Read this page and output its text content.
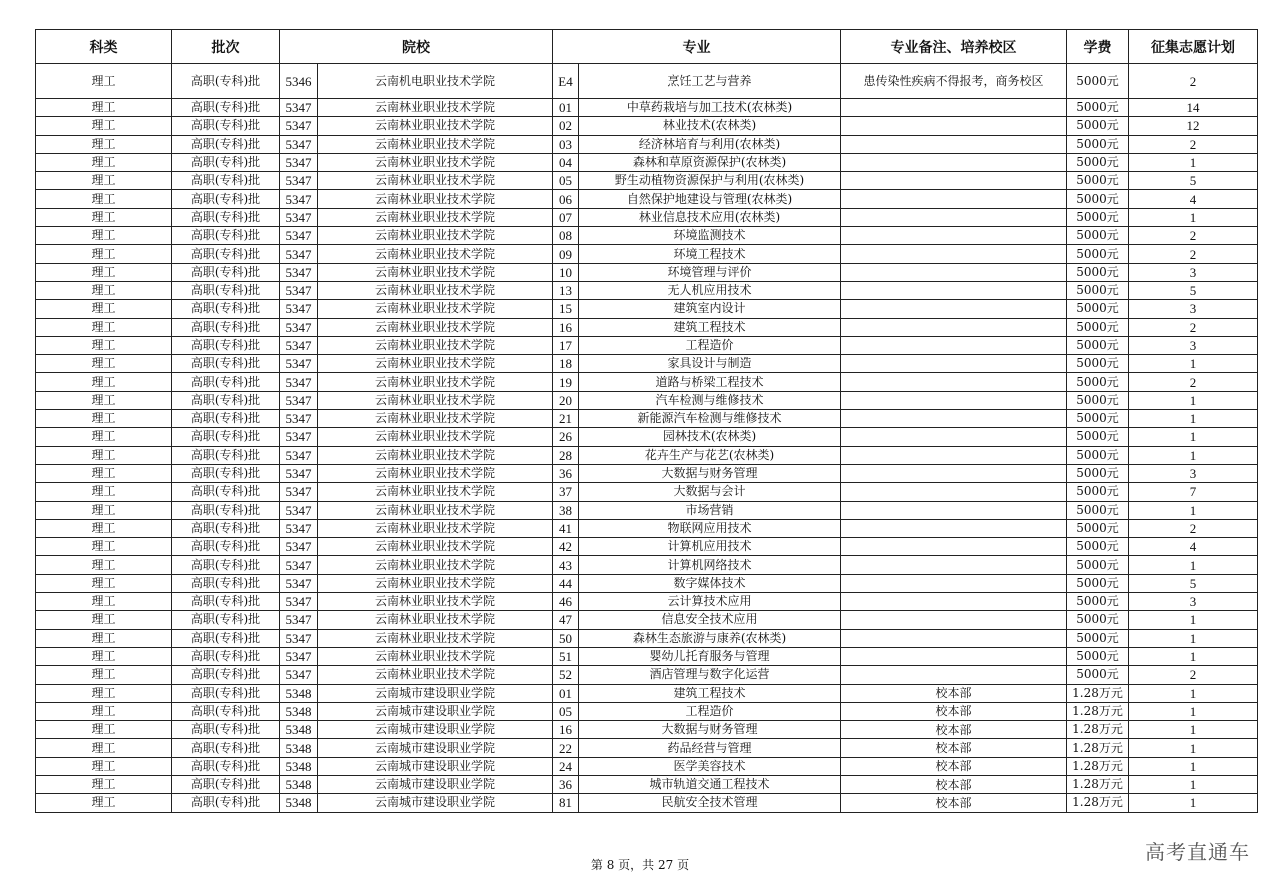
科类	批次	院校		专业		专业备注、培养校区	学费	征集志愿计划
理工	高职(专科)批	5346	云南机电职业技术学院	E4	烹饪工艺与营养	患传染性疾病不得报考，商务校区	5000元	2
理工	高职(专科)批	5347	云南林业职业技术学院	01	中草药栽培与加工技术(农林类)		5000元	14
理工	高职(专科)批	5347	云南林业职业技术学院	02	林业技术(农林类)		5000元	12
理工	高职(专科)批	5347	云南林业职业技术学院	03	经济林培育与利用(农林类)		5000元	2
理工	高职(专科)批	5347	云南林业职业技术学院	04	森林和草原资源保护(农林类)		5000元	1
理工	高职(专科)批	5347	云南林业职业技术学院	05	野生动植物资源保护与利用(农林类)		5000元	5
理工	高职(专科)批	5347	云南林业职业技术学院	06	自然保护地建设与管理(农林类)		5000元	4
理工	高职(专科)批	5347	云南林业职业技术学院	07	林业信息技术应用(农林类)		5000元	1
理工	高职(专科)批	5347	云南林业职业技术学院	08	环境监测技术		5000元	2
理工	高职(专科)批	5347	云南林业职业技术学院	09	环境工程技术		5000元	2
理工	高职(专科)批	5347	云南林业职业技术学院	10	环境管理与评价		5000元	3
理工	高职(专科)批	5347	云南林业职业技术学院	13	无人机应用技术		5000元	5
理工	高职(专科)批	5347	云南林业职业技术学院	15	建筑室内设计		5000元	3
理工	高职(专科)批	5347	云南林业职业技术学院	16	建筑工程技术		5000元	2
理工	高职(专科)批	5347	云南林业职业技术学院	17	工程造价		5000元	3
理工	高职(专科)批	5347	云南林业职业技术学院	18	家具设计与制造		5000元	1
理工	高职(专科)批	5347	云南林业职业技术学院	19	道路与桥梁工程技术		5000元	2
理工	高职(专科)批	5347	云南林业职业技术学院	20	汽车检测与维修技术		5000元	1
理工	高职(专科)批	5347	云南林业职业技术学院	21	新能源汽车检测与维修技术		5000元	1
理工	高职(专科)批	5347	云南林业职业技术学院	26	园林技术(农林类)		5000元	1
理工	高职(专科)批	5347	云南林业职业技术学院	28	花卉生产与花艺(农林类)		5000元	1
理工	高职(专科)批	5347	云南林业职业技术学院	36	大数据与财务管理		5000元	3
理工	高职(专科)批	5347	云南林业职业技术学院	37	大数据与会计		5000元	7
理工	高职(专科)批	5347	云南林业职业技术学院	38	市场营销		5000元	1
理工	高职(专科)批	5347	云南林业职业技术学院	41	物联网应用技术		5000元	2
理工	高职(专科)批	5347	云南林业职业技术学院	42	计算机应用技术		5000元	4
理工	高职(专科)批	5347	云南林业职业技术学院	43	计算机网络技术		5000元	1
理工	高职(专科)批	5347	云南林业职业技术学院	44	数字媒体技术		5000元	5
理工	高职(专科)批	5347	云南林业职业技术学院	46	云计算技术应用		5000元	3
理工	高职(专科)批	5347	云南林业职业技术学院	47	信息安全技术应用		5000元	1
理工	高职(专科)批	5347	云南林业职业技术学院	50	森林生态旅游与康养(农林类)		5000元	1
理工	高职(专科)批	5347	云南林业职业技术学院	51	婴幼儿托育服务与管理		5000元	1
理工	高职(专科)批	5347	云南林业职业技术学院	52	酒店管理与数字化运营		5000元	2
理工	高职(专科)批	5348	云南城市建设职业学院	01	建筑工程技术	校本部	1.28万元	1
理工	高职(专科)批	5348	云南城市建设职业学院	05	工程造价	校本部	1.28万元	1
理工	高职(专科)批	5348	云南城市建设职业学院	16	大数据与财务管理	校本部	1.28万元	1
理工	高职(专科)批	5348	云南城市建设职业学院	22	药品经营与管理	校本部	1.28万元	1
理工	高职(专科)批	5348	云南城市建设职业学院	24	医学美容技术	校本部	1.28万元	1
理工	高职(专科)批	5348	云南城市建设职业学院	36	城市轨道交通工程技术	校本部	1.28万元	1
理工	高职(专科)批	5348	云南城市建设职业学院	81	民航安全技术管理	校本部	1.28万元	1
第 8 页，共 27 页
高考直通车
